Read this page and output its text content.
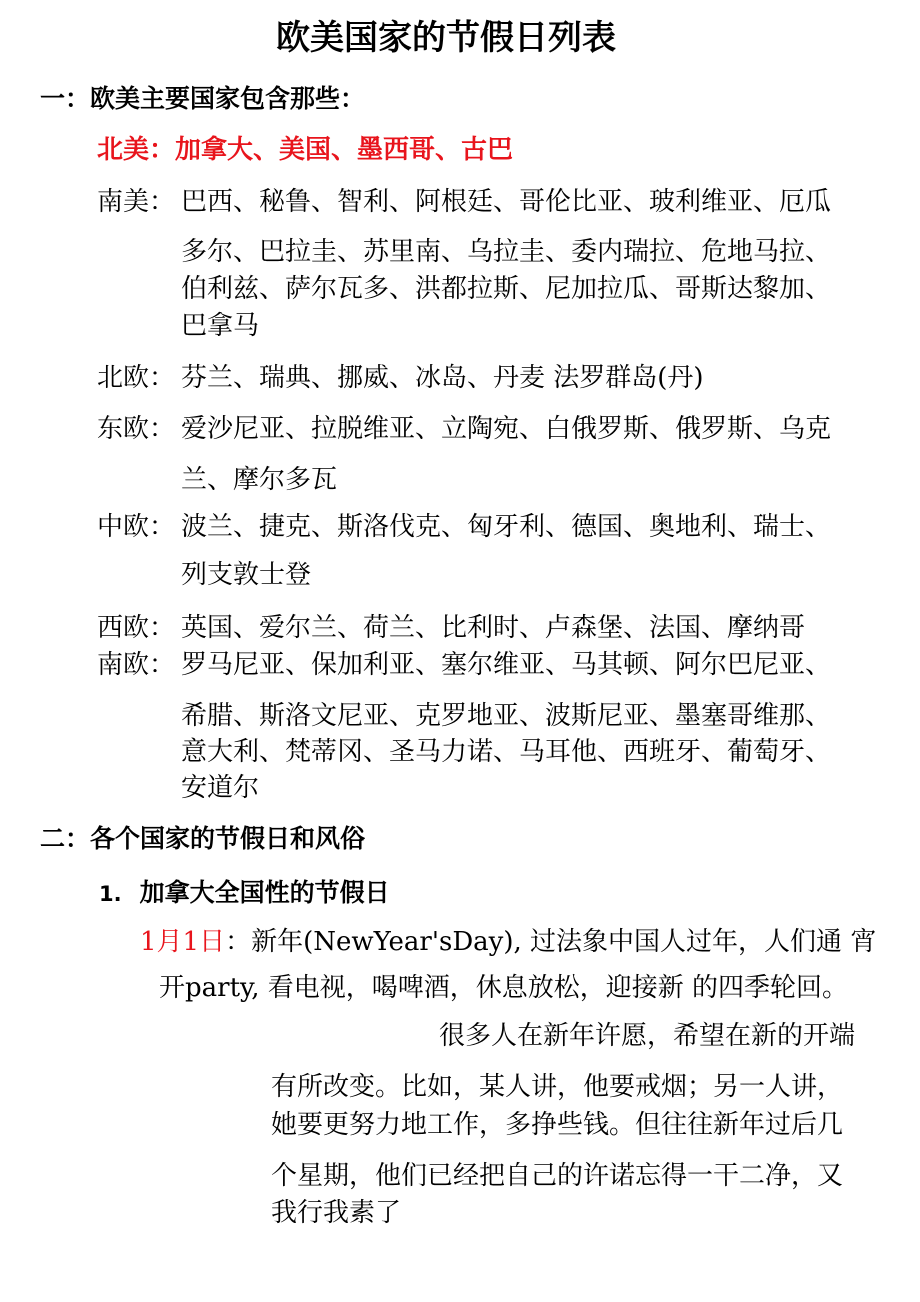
欧美国家的节假日列表
一：欧美主要国家包含那些：
北美：加拿大、美国、墨西哥、古巴
南美： 巴西、秘鲁、智利、阿根廷、哥伦比亚、玻利维亚、厄瓜
多尔、巴拉圭、苏里南、乌拉圭、委内瑞拉、危地马拉、
伯利兹、萨尔瓦多、洪都拉斯、尼加拉瓜、哥斯达黎加、
巴拿马
北欧： 芬兰、瑞典、挪威、冰岛、丹麦 法罗群岛(丹)
东欧： 爱沙尼亚、拉脱维亚、立陶宛、白俄罗斯、俄罗斯、乌克
兰、摩尔多瓦
中欧： 波兰、捷克、斯洛伐克、匈牙利、德国、奥地利、瑞士、
列支敦士登
西欧： 英国、爱尔兰、荷兰、比利时、卢森堡、法国、摩纳哥
南欧： 罗马尼亚、保加利亚、塞尔维亚、马其顿、阿尔巴尼亚、
希腊、斯洛文尼亚、克罗地亚、波斯尼亚、墨塞哥维那、
意大利、梵蒂冈、圣马力诺、马耳他、西班牙、葡萄牙、
安道尔
二：各个国家的节假日和风俗
1. 加拿大全国性的节假日
1月1日：新年(NewYear'sDay), 过法象中国人过年，人们通 宵
开party, 看电视，喝啤酒，休息放松，迎接新 的四季轮回。
很多人在新年许愿，希望在新的开端
有所改变。比如，某人讲，他要戒烟；另一人讲，
她要更努力地工作，多挣些钱。但往往新年过后几
个星期，他们已经把自己的许诺忘得一干二净，又
我行我素了
